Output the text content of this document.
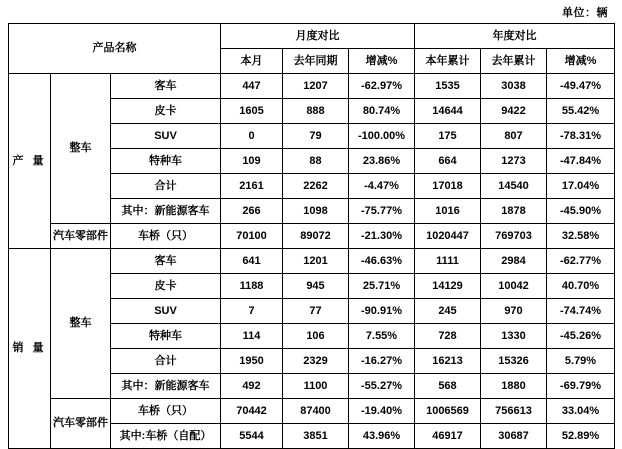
单位：辆
产品名称			月度对比			年度对比		
			本月	去年同期	增减%	本年累计	去年累计	增减%
产 量	整车	客车	447	1207	-62.97%	1535	3038	-49.47%
		皮卡	1605	888	80.74%	14644	9422	55.42%
		SUV	0	79	-100.00%	175	807	-78.31%
		特种车	109	88	23.86%	664	1273	-47.84%
		合计	2161	2262	-4.47%	17018	14540	17.04%
		其中：新能源客车	266	1098	-75.77%	1016	1878	-45.90%
	汽车零部件	车桥（只）	70100	89072	-21.30%	1020447	769703	32.58%
销 量	整车	客车	641	1201	-46.63%	1111	2984	-62.77%
		皮卡	1188	945	25.71%	14129	10042	40.70%
		SUV	7	77	-90.91%	245	970	-74.74%
		特种车	114	106	7.55%	728	1330	-45.26%
		合计	1950	2329	-16.27%	16213	15326	5.79%
		其中：新能源客车	492	1100	-55.27%	568	1880	-69.79%
	汽车零部件	车桥（只）	70442	87400	-19.40%	1006569	756613	33.04%
		其中:车桥（自配）	5544	3851	43.96%	46917	30687	52.89%
